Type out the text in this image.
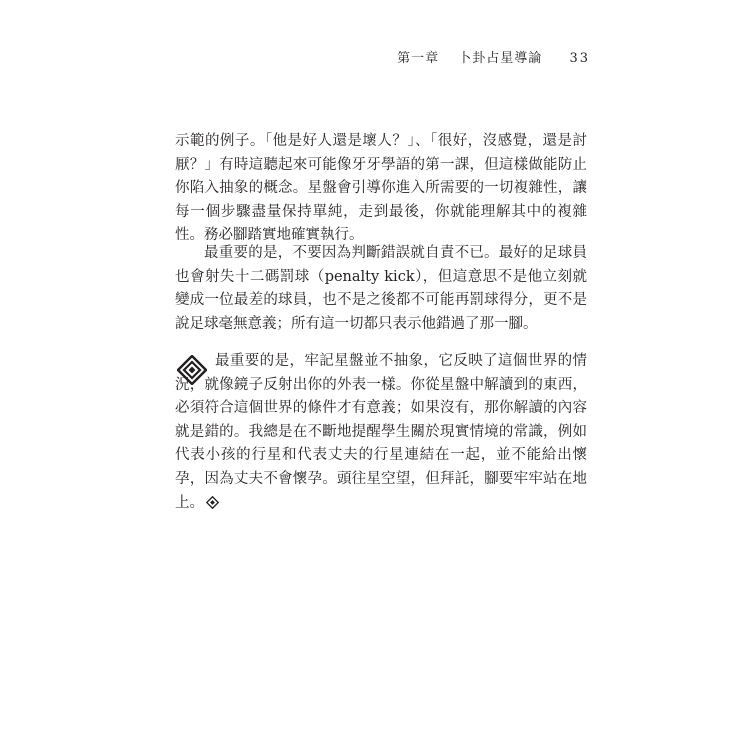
第一章 卜卦占星導論 33

示範的例子。「他是好人還是壞人？」、「很好，沒感覺，還是討厭？」有時這聽起來可能像牙牙學語的第一課，但這樣做能防止你陷入抽象的概念。星盤會引導你進入所需要的一切複雜性，讓每一個步驟盡量保持單純，走到最後，你就能理解其中的複雜性。務必腳踏實地確實執行。

最重要的是，不要因為判斷錯誤就自責不已。最好的足球員也會射失十二碼罰球（penalty kick），但這意思不是他立刻就變成一位最差的球員，也不是之後都不可能再罰球得分，更不是說足球毫無意義；所有這一切都只表示他錯過了那一腳。

最重要的是，牢記星盤並不抽象，它反映了這個世界的情況，就像鏡子反射出你的外表一樣。你從星盤中解讀到的東西，必須符合這個世界的條件才有意義；如果沒有，那你解讀的內容就是錯的。我總是在不斷地提醒學生關於現實情境的常識，例如代表小孩的行星和代表丈夫的行星連結在一起，並不能給出懷孕，因為丈夫不會懷孕。頭往星空望，但拜託，腳要牢牢站在地上。
